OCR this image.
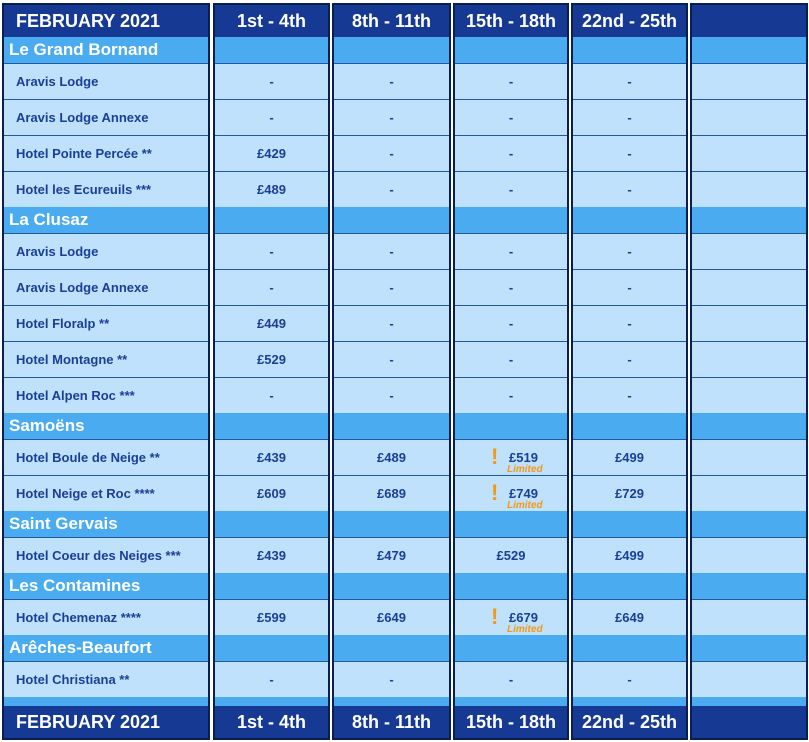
FEBRUARY 2021
Le Grand Bornand
Aravis Lodge
Aravis Lodge Annexe
Hotel Pointe Percée **
Hotel les Ecureuils ***
La Clusaz
Aravis Lodge
Aravis Lodge Annexe
Hotel Floralp **
Hotel Montagne **
Hotel Alpen Roc ***
Samoëns
Hotel Boule de Neige **
Hotel Neige et Roc ****
Saint Gervais
Hotel Coeur des Neiges ***
Les Contamines
Hotel Chemenaz ****
Arêches-Beaufort
Hotel Christiana **
FEBRUARY 2021
1st - 4th
-
-
£429
£489
-
-
£449
£529
-
£439
£609
£439
£599
-
1st - 4th
8th - 11th
-
-
-
-
-
-
-
-
-
£489
£689
£479
£649
-
8th - 11th
15th - 18th
-
-
-
-
-
-
-
-
-
! £519
Limited
! £749
Limited
£529
! £679
Limited
-
15th - 18th
22nd - 25th
-
-
-
-
-
-
-
-
-
£499
£729
£499
£649
-
22nd - 25th
